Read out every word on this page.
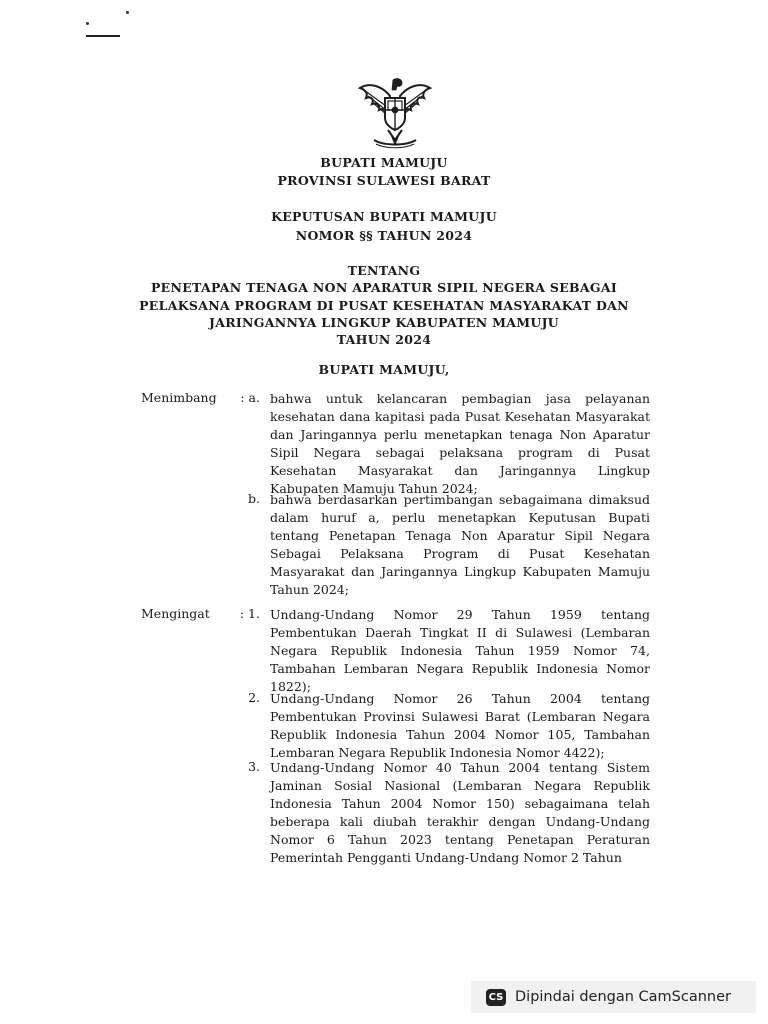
BUPATI MAMUJU
PROVINSI SULAWESI BARAT
KEPUTUSAN BUPATI MAMUJU
NOMOR §§ TAHUN 2024
TENTANG
PENETAPAN TENAGA NON APARATUR SIPIL NEGERA SEBAGAI
PELAKSANA PROGRAM DI PUSAT KESEHATAN MASYARAKAT DAN
JARINGANNYA LINGKUP KABUPATEN MAMUJU
TAHUN 2024
BUPATI MAMUJU,
Menimbang	: a. bahwa untuk kelancaran pembagian jasa pelayanan kesehatan dana kapitasi pada Pusat Kesehatan Masyarakat dan Jaringannya perlu menetapkan tenaga Non Aparatur Sipil Negara sebagai pelaksana program di Pusat Kesehatan Masyarakat dan Jaringannya Lingkup Kabupaten Mamuju Tahun 2024;
b. bahwa berdasarkan pertimbangan sebagaimana dimaksud dalam huruf a, perlu menetapkan Keputusan Bupati tentang Penetapan Tenaga Non Aparatur Sipil Negara Sebagai Pelaksana Program di Pusat Kesehatan Masyarakat dan Jaringannya Lingkup Kabupaten Mamuju Tahun 2024;
Mengingat	: 1. Undang-Undang Nomor 29 Tahun 1959 tentang Pembentukan Daerah Tingkat II di Sulawesi (Lembaran Negara Republik Indonesia Tahun 1959 Nomor 74, Tambahan Lembaran Negara Republik Indonesia Nomor 1822);
2. Undang-Undang Nomor 26 Tahun 2004 tentang Pembentukan Provinsi Sulawesi Barat (Lembaran Negara Republik Indonesia Tahun 2004 Nomor 105, Tambahan Lembaran Negara Republik Indonesia Nomor 4422);
3. Undang-Undang Nomor 40 Tahun 2004 tentang Sistem Jaminan Sosial Nasional (Lembaran Negara Republik Indonesia Tahun 2004 Nomor 150) sebagaimana telah beberapa kali diubah terakhir dengan Undang-Undang Nomor 6 Tahun 2023 tentang Penetapan Peraturan Pemerintah Pengganti Undang-Undang Nomor 2 Tahun
CS Dipindai dengan CamScanner
